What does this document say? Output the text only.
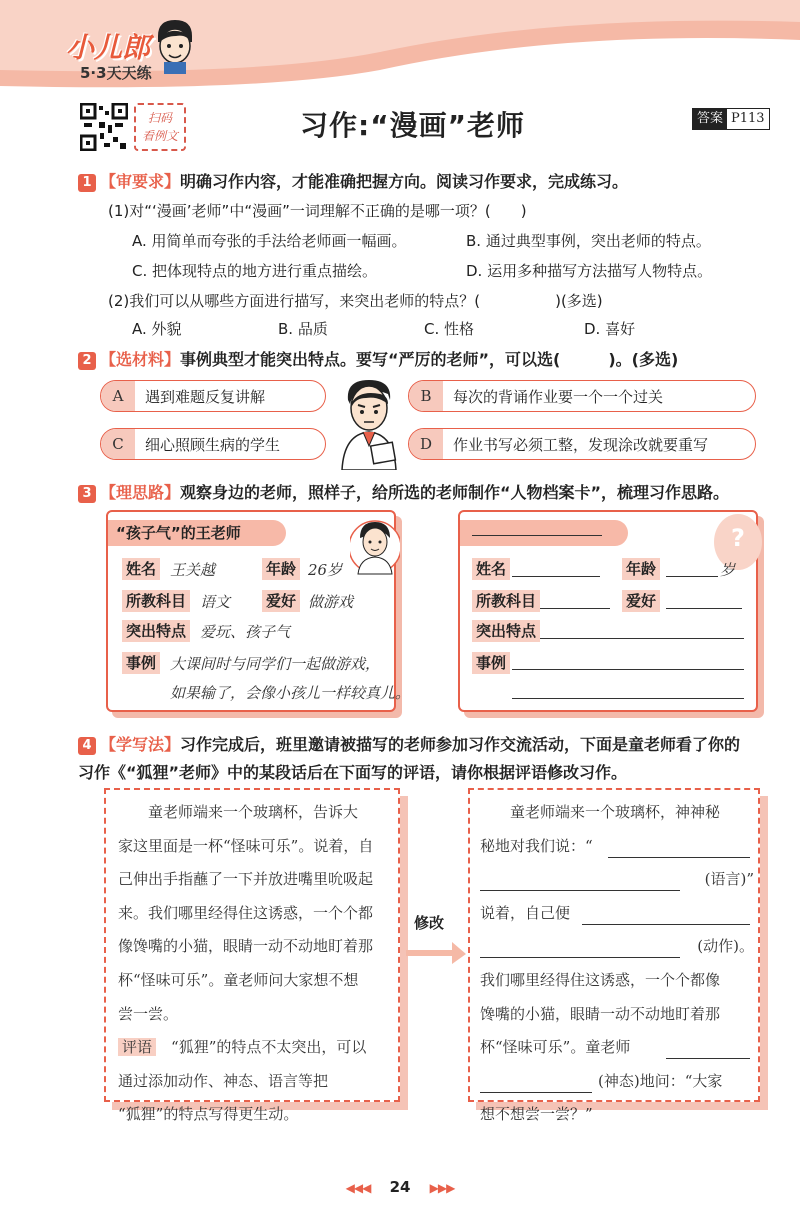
小儿郎
5·3天天练
扫码
看例文	习作:“漫画”老师	答案 P113
1 【审要求】明确习作内容，才能准确把握方向。阅读习作要求，完成练习。
(1)对“‘漫画’老师”中“漫画”一词理解不正确的是哪一项？(　　)
A. 用简单而夸张的手法给老师画一幅画。	B. 通过典型事例，突出老师的特点。
C. 把体现特点的地方进行重点描绘。	D. 运用多种描写方法描写人物特点。
(2)我们可以从哪些方面进行描写，来突出老师的特点？(　　　　　)(多选)
A. 外貌	B. 品质	C. 性格	D. 喜好
2 【选材料】事例典型才能突出特点。要写“严厉的老师”，可以选(　　　)。(多选)
A	遇到难题反复讲解	B	每次的背诵作业要一个一个过关
C	细心照顾生病的学生	D	作业书写必须工整，发现涂改就要重写
3 【理思路】观察身边的老师，照样子，给所选的老师制作“人物档案卡”，梳理习作思路。
“孩子气”的王老师
姓名 王关越	年龄 26岁
所教科目 语文 爱好 做游戏
突出特点 爱玩、孩子气
事例 大课间时与同学们一起做游戏，
如果输了，会像小孩儿一样较真儿。
?
姓名	年龄	岁
所教科目	爱好
突出特点
事例
4 【学写法】习作完成后，班里邀请被描写的老师参加习作交流活动，下面是童老师看了你的
习作《“狐狸”老师》中的某段话后在下面写的评语，请你根据评语修改习作。
　　童老师端来一个玻璃杯，告诉大
家这里面是一杯“怪味可乐”。说着，自
己伸出手指蘸了一下并放进嘴里吮吸起
来。我们哪里经得住这诱惑，一个个都
像馋嘴的小猫，眼睛一动不动地盯着那
杯“怪味可乐”。童老师问大家想不想
尝一尝。
评语　 “狐狸”的特点不太突出，可以
通过添加动作、神态、语言等把
“狐狸”的特点写得更生动。
修改
　　童老师端来一个玻璃杯，神神秘
秘地对我们说：“
(语言)”
说着，自己便
(动作)。
我们哪里经得住这诱惑，一个个都像
馋嘴的小猫，眼睛一动不动地盯着那
杯“怪味可乐”。童老师
(神态)地问：“大家
想不想尝一尝？”
◀◀◀ 24 ▶▶▶
